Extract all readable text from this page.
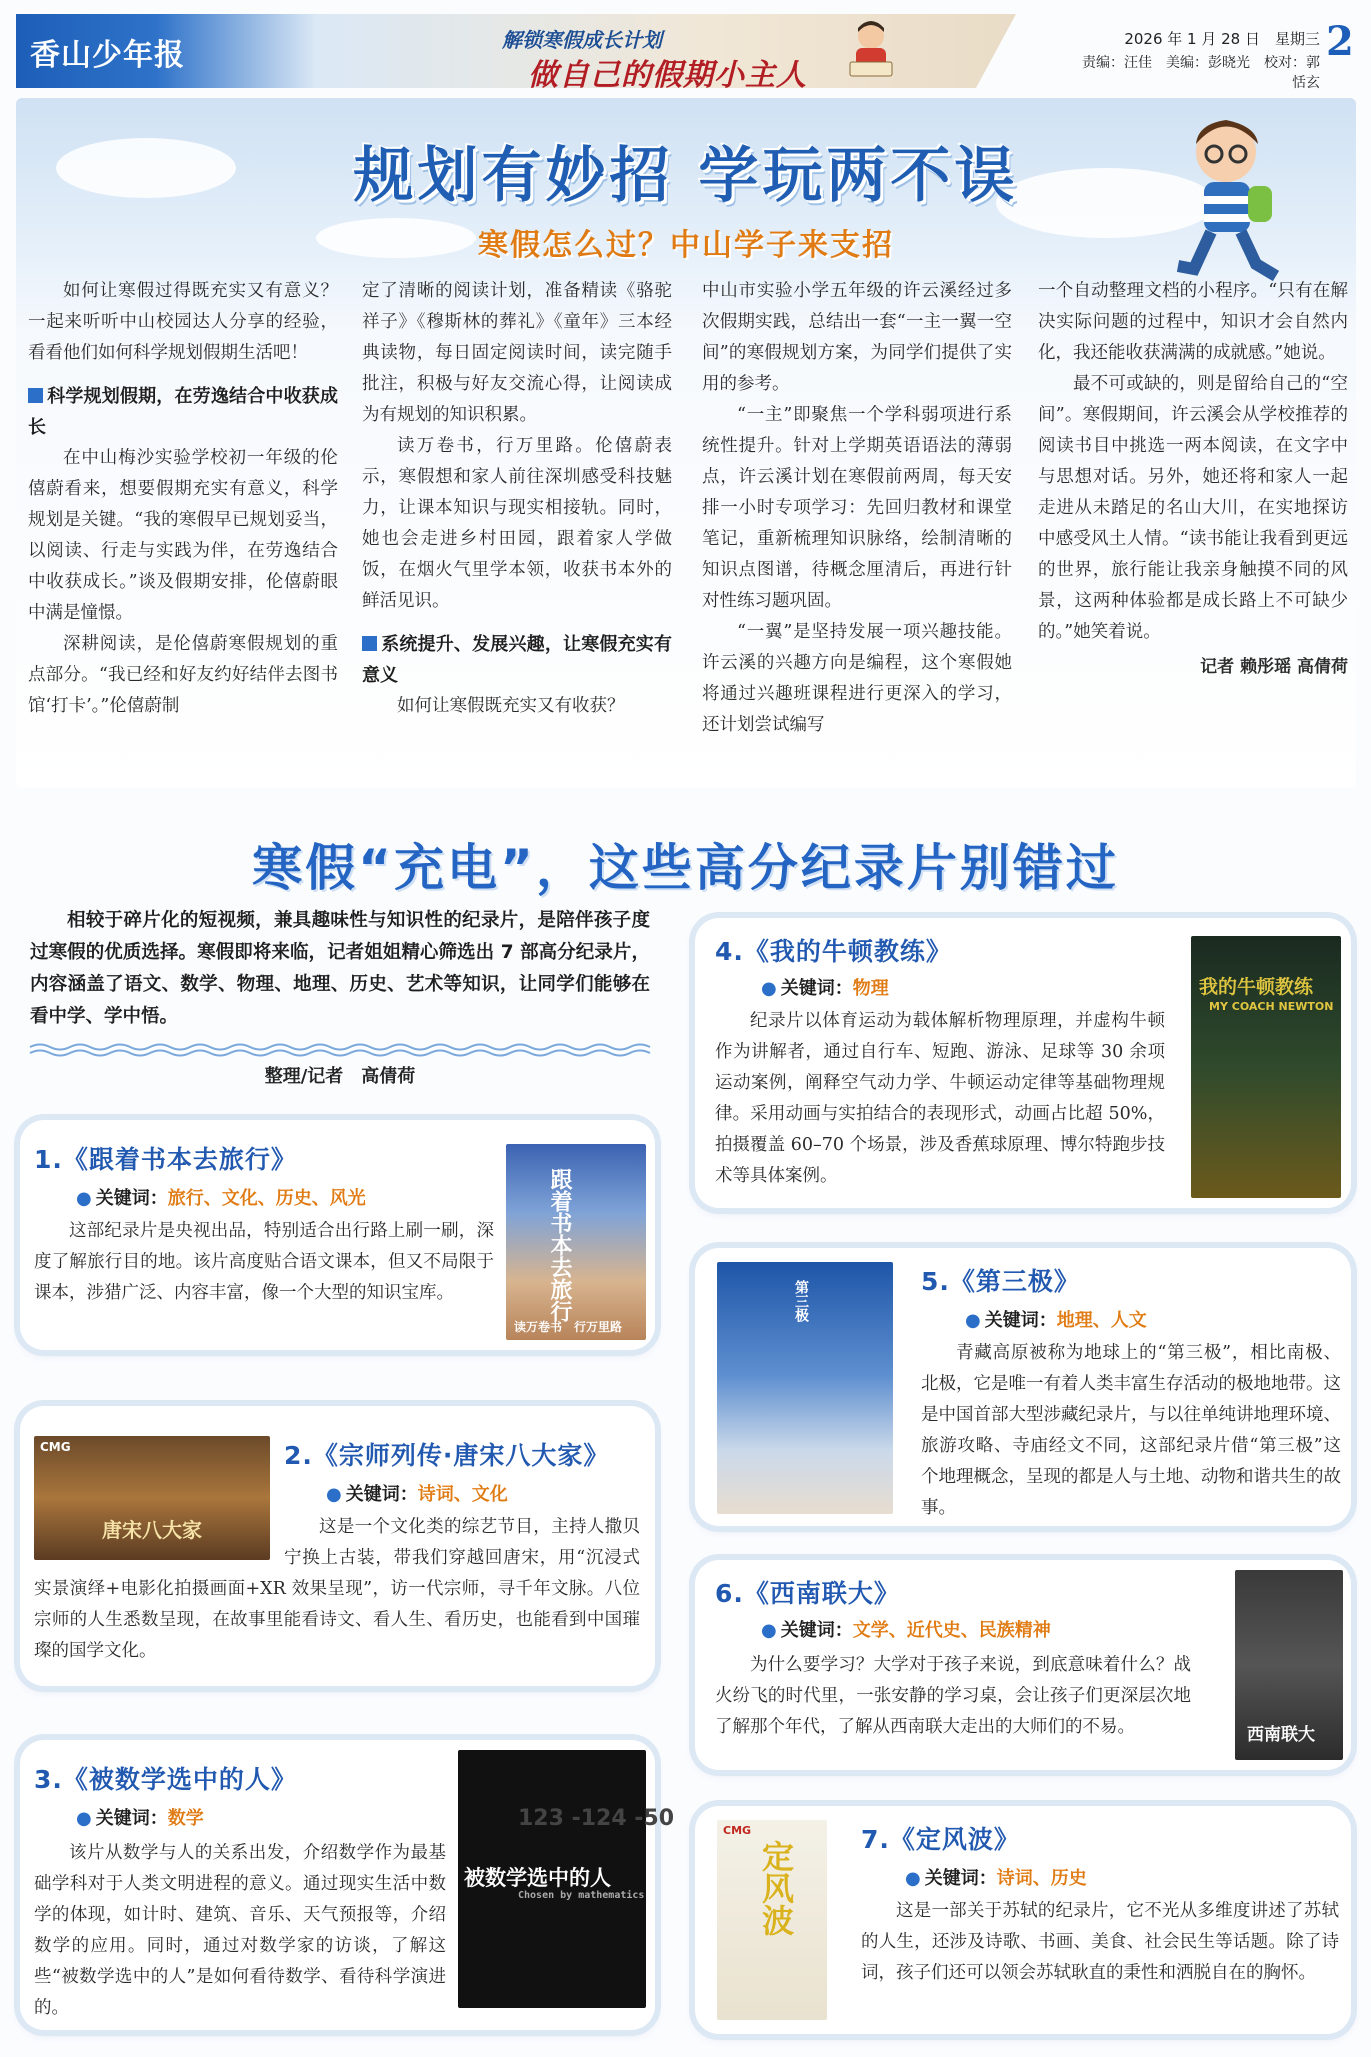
香山少年报	解锁寒假成长计划
做自己的假期小主人
2026 年 1 月 28 日　星期三
责编：汪佳　美编：彭晓光　校对：郭恬玄
2
规划有妙招 学玩两不误
寒假怎么过？中山学子来支招

如何让寒假过得既充实又有意义？一起来听听中山校园达人分享的经验，看看他们如何科学规划假期生活吧！

科学规划假期，在劳逸结合中收获成长

在中山梅沙实验学校初一年级的伦僖蔚看来，想要假期充实有意义，科学规划是关键。“我的寒假早已规划妥当，以阅读、行走与实践为伴，在劳逸结合中收获成长。”谈及假期安排，伦僖蔚眼中满是憧憬。

深耕阅读，是伦僖蔚寒假规划的重点部分。“我已经和好友约好结伴去图书馆‘打卡’。”伦僖蔚制

定了清晰的阅读计划，准备精读《骆驼祥子》《穆斯林的葬礼》《童年》三本经典读物，每日固定阅读时间，读完随手批注，积极与好友交流心得，让阅读成为有规划的知识积累。

读万卷书，行万里路。伦僖蔚表示，寒假想和家人前往深圳感受科技魅力，让课本知识与现实相接轨。同时，她也会走进乡村田园，跟着家人学做饭，在烟火气里学本领，收获书本外的鲜活见识。

系统提升、发展兴趣，让寒假充实有意义

如何让寒假既充实又有收获？

中山市实验小学五年级的许云溪经过多次假期实践，总结出一套“一主一翼一空间”的寒假规划方案，为同学们提供了实用的参考。

“一主”即聚焦一个学科弱项进行系统性提升。针对上学期英语语法的薄弱点，许云溪计划在寒假前两周，每天安排一小时专项学习：先回归教材和课堂笔记，重新梳理知识脉络，绘制清晰的知识点图谱，待概念厘清后，再进行针对性练习题巩固。

“一翼”是坚持发展一项兴趣技能。许云溪的兴趣方向是编程，这个寒假她将通过兴趣班课程进行更深入的学习，还计划尝试编写

一个自动整理文档的小程序。“只有在解决实际问题的过程中，知识才会自然内化，我还能收获满满的成就感。”她说。

最不可或缺的，则是留给自己的“空间”。寒假期间，许云溪会从学校推荐的阅读书目中挑选一两本阅读，在文字中与思想对话。另外，她还将和家人一起走进从未踏足的名山大川，在实地探访中感受风土人情。“读书能让我看到更远的世界，旅行能让我亲身触摸不同的风景，这两种体验都是成长路上不可缺少的。”她笑着说。

记者 赖彤瑶 高倩荷
寒假“充电”，这些高分纪录片别错过
相较于碎片化的短视频，兼具趣味性与知识性的纪录片，是陪伴孩子度过寒假的优质选择。寒假即将来临，记者姐姐精心筛选出 7 部高分纪录片，内容涵盖了语文、数学、物理、地理、历史、艺术等知识，让同学们能够在看中学、学中悟。
整理/记者　高倩荷
1.《跟着书本去旅行》
● 关键词：旅行、文化、历史、风光
这部纪录片是央视出品，特别适合出行路上刷一刷，深度了解旅行目的地。该片高度贴合语文课本，但又不局限于课本，涉猎广泛、内容丰富，像一个大型的知识宝库。	跟着书本去旅行
读万卷书　行万里路
CMG
唐宋八大家
2.《宗师列传·唐宋八大家》
● 关键词：诗词、文化
这是一个文化类的综艺节目，主持人撒贝宁换上古装，带我们穿越回唐宋，用“沉浸式实景演绎+电影化拍摄画面+XR 效果呈现”，访一代宗师，寻千年文脉。八位宗师的人生悉数呈现，在故事里能看诗文、看人生、看历史，也能看到中国璀璨的国学文化。
3.《被数学选中的人》
● 关键词：数学
该片从数学与人的关系出发，介绍数学作为最基础学科对于人类文明进程的意义。通过现实生活中数学的体现，如计时、建筑、音乐、天气预报等，介绍数学的应用。同时，通过对数学家的访谈，了解这些“被数学选中的人”是如何看待数学、看待科学演进的。
123 -124 -50
被数学选中的人
Chosen by mathematics
4.《我的牛顿教练》
● 关键词：物理
纪录片以体育运动为载体解析物理原理，并虚构牛顿作为讲解者，通过自行车、短跑、游泳、足球等 30 余项运动案例，阐释空气动力学、牛顿运动定律等基础物理规律。采用动画与实拍结合的表现形式，动画占比超 50%，拍摄覆盖 60–70 个场景，涉及香蕉球原理、博尔特跑步技术等具体案例。
我的牛顿教练
MY COACH NEWTON
第三极	5.《第三极》
● 关键词：地理、人文
青藏高原被称为地球上的“第三极”，相比南极、北极，它是唯一有着人类丰富生存活动的极地地带。这是中国首部大型涉藏纪录片，与以往单纯讲地理环境、旅游攻略、寺庙经文不同，这部纪录片借“第三极”这个地理概念，呈现的都是人与土地、动物和谐共生的故事。
6.《西南联大》
● 关键词：文学、近代史、民族精神
为什么要学习？大学对于孩子来说，到底意味着什么？战火纷飞的时代里，一张安静的学习桌，会让孩子们更深层次地了解那个年代，了解从西南联大走出的大师们的不易。	西南联大
CMG
定风波
7.《定风波》
● 关键词：诗词、历史
这是一部关于苏轼的纪录片，它不光从多维度讲述了苏轼的人生，还涉及诗歌、书画、美食、社会民生等话题。除了诗词，孩子们还可以领会苏轼耿直的秉性和洒脱自在的胸怀。
